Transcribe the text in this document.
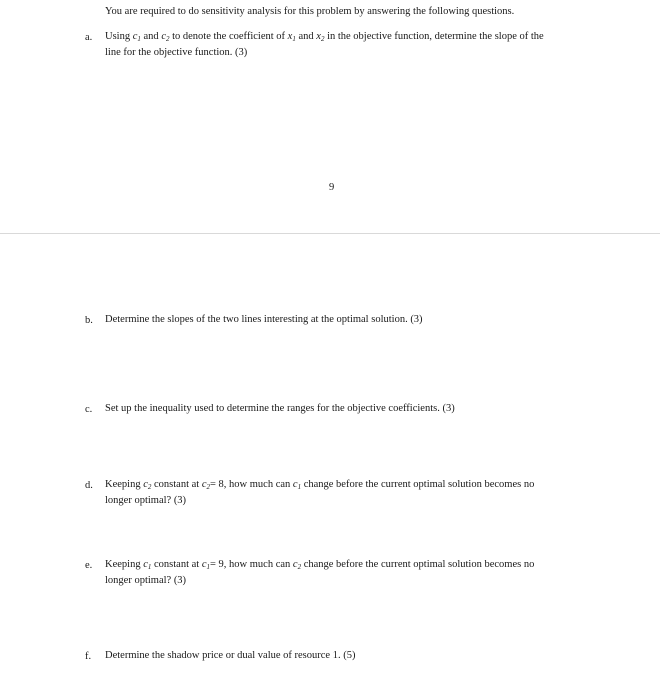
You are required to do sensitivity analysis for this problem by answering the following questions.
a. Using $c_1$ and $c_2$ to denote the coefficient of $x_1$ and $x_2$ in the objective function, determine the slope of the
line for the objective function. (3)
9
b. Determine the slopes of the two lines interesting at the optimal solution. (3)
c. Set up the inequality used to determine the ranges for the objective coefficients. (3)
d. Keeping $c_2$ constant at $c_2= 8$, how much can $c_1$ change before the current optimal solution becomes no
longer optimal? (3)
e. Keeping $c_1$ constant at $c_1= 9$, how much can $c_2$ change before the current optimal solution becomes no
longer optimal? (3)
f. Determine the shadow price or dual value of resource 1. (5)
